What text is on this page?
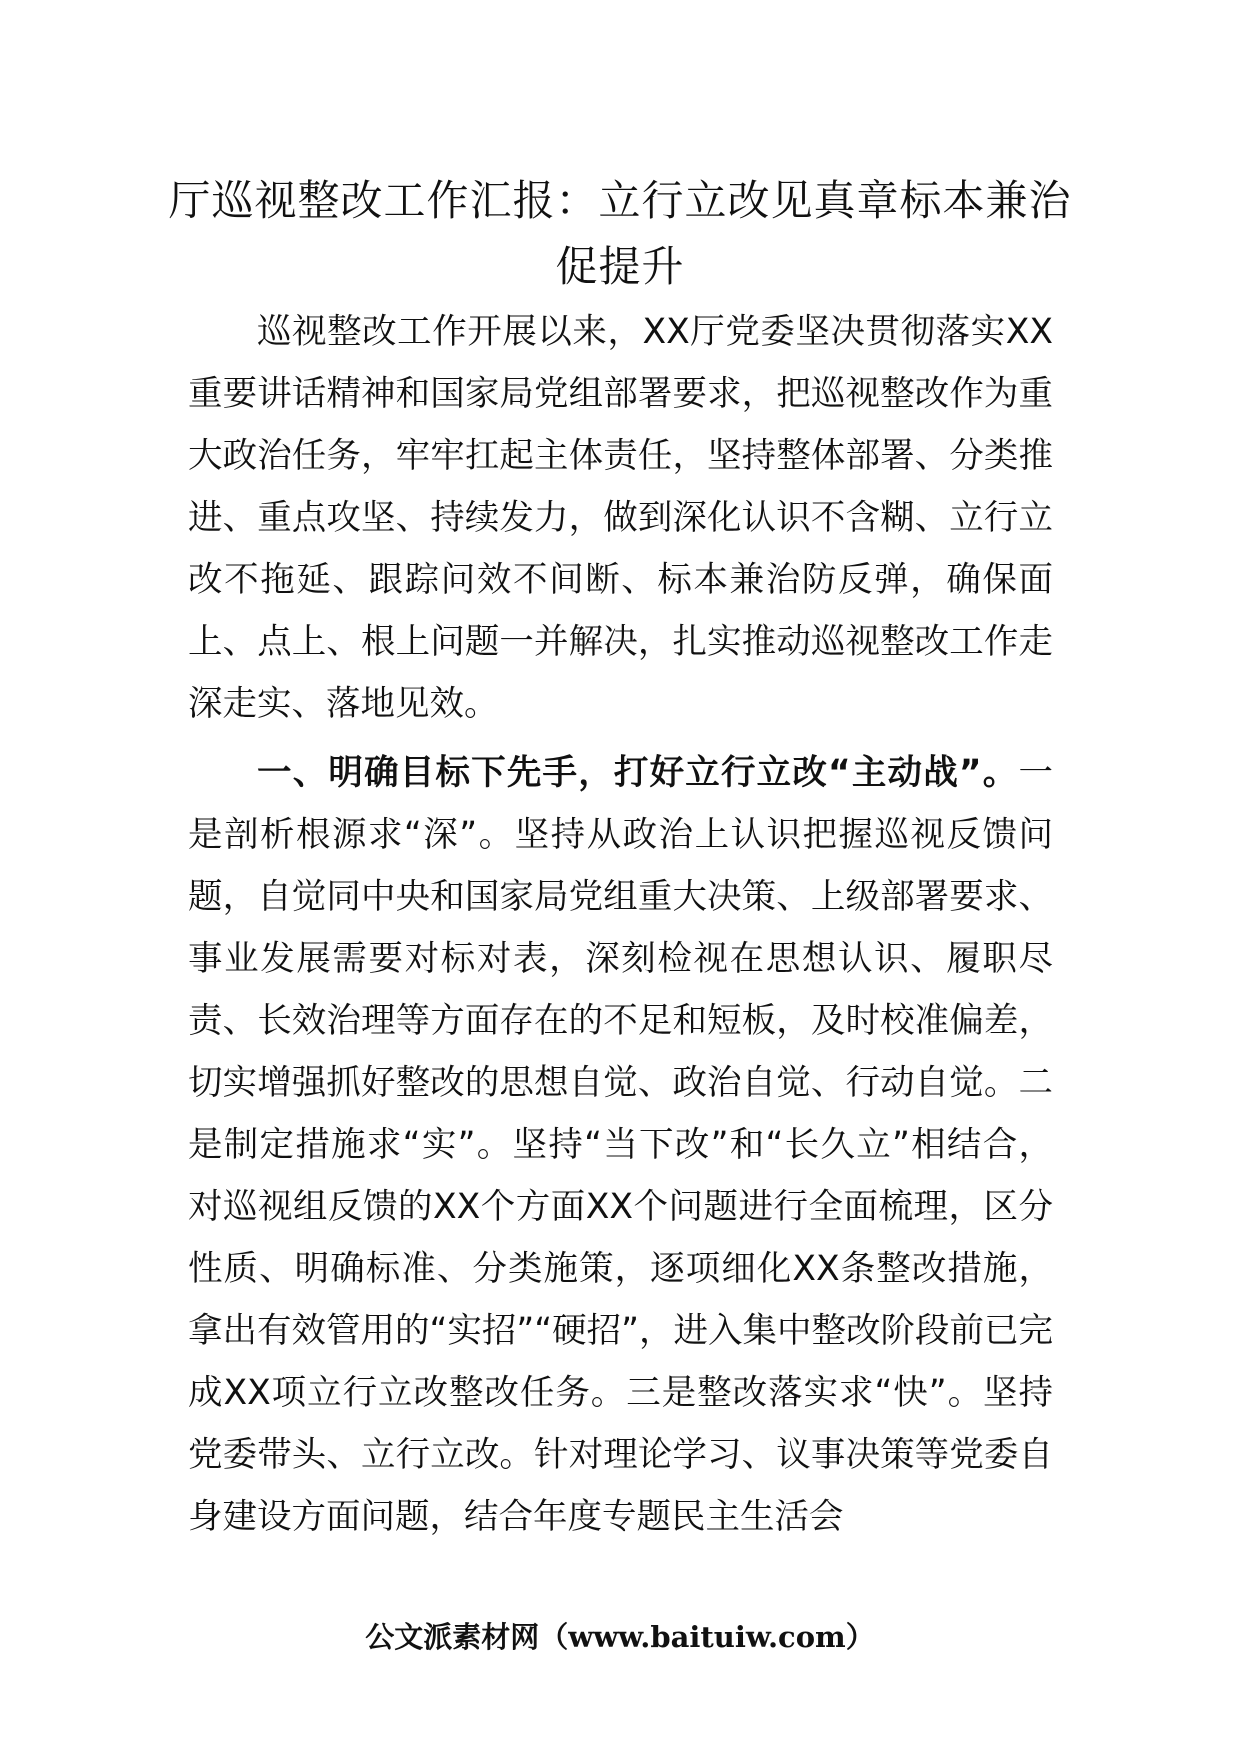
厅巡视整改工作汇报：立行立改见真章标本兼治促提升

巡视整改工作开展以来，XX厅党委坚决贯彻落实XX重要讲话精神和国家局党组部署要求，把巡视整改作为重大政治任务，牢牢扛起主体责任，坚持整体部署、分类推进、重点攻坚、持续发力，做到深化认识不含糊、立行立改不拖延、跟踪问效不间断、标本兼治防反弹，确保面上、点上、根上问题一并解决，扎实推动巡视整改工作走深走实、落地见效。

一、明确目标下先手，打好立行立改“主动战”。一是剖析根源求“深”。坚持从政治上认识把握巡视反馈问题，自觉同中央和国家局党组重大决策、上级部署要求、事业发展需要对标对表，深刻检视在思想认识、履职尽责、长效治理等方面存在的不足和短板，及时校准偏差，切实增强抓好整改的思想自觉、政治自觉、行动自觉。二是制定措施求“实”。坚持“当下改”和“长久立”相结合，对巡视组反馈的XX个方面XX个问题进行全面梳理，区分性质、明确标准、分类施策，逐项细化XX条整改措施，拿出有效管用的“实招”“硬招”，进入集中整改阶段前已完成XX项立行立改整改任务。三是整改落实求“快”。坚持党委带头、立行立改。针对理论学习、议事决策等党委自身建设方面问题，结合年度专题民主生活会

公文派素材网（www.baituiw.com）
